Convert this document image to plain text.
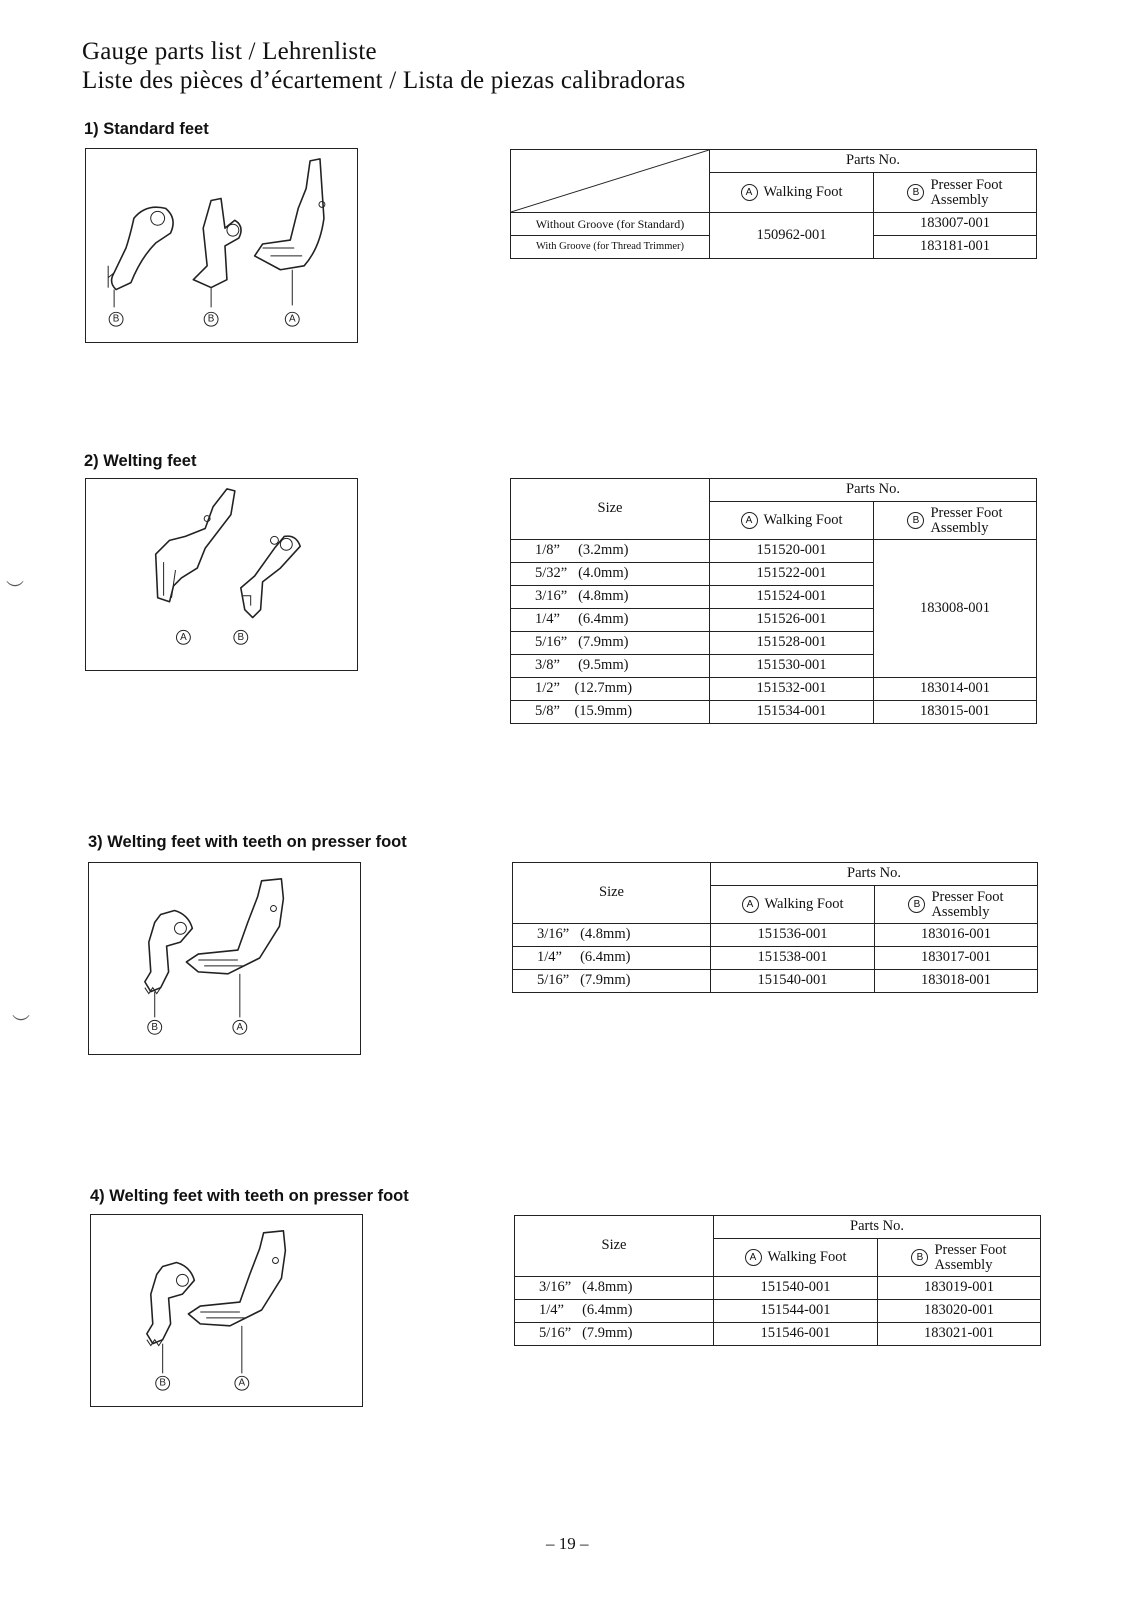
Gauge parts list / Lehrenliste
Liste des pièces d’écartement / Lista de piezas calibradoras
1) Standard feet
B	B	A
	Parts No.	
	A Walking Foot	B Presser Foot
Assembly

Without Groove (for Standard)	150962-001	183007-001
With Groove (for Thread Trimmer)		183181-001
2) Welting feet
A	B
Size	Parts No.	
	A Walking Foot	B Presser Foot
Assembly

1/8”     (3.2mm)	151520-001	183008-001
5/32”   (4.0mm)	151522-001	
3/16”   (4.8mm)	151524-001	
1/4”     (6.4mm)	151526-001	
5/16”   (7.9mm)	151528-001	
3/8”     (9.5mm)	151530-001	
1/2”    (12.7mm)	151532-001	183014-001
5/8”    (15.9mm)	151534-001	183015-001
3) Welting feet with teeth on presser foot
B	A
Size	Parts No.	
	A Walking Foot	B Presser Foot
Assembly

3/16”   (4.8mm)	151536-001	183016-001
1/4”     (6.4mm)	151538-001	183017-001
5/16”   (7.9mm)	151540-001	183018-001
4) Welting feet with teeth on presser foot
B	A
Size	Parts No.	
	A Walking Foot	B Presser Foot
Assembly

3/16”   (4.8mm)	151540-001	183019-001
1/4”     (6.4mm)	151544-001	183020-001
5/16”   (7.9mm)	151546-001	183021-001
︶
︶
– 19 –
